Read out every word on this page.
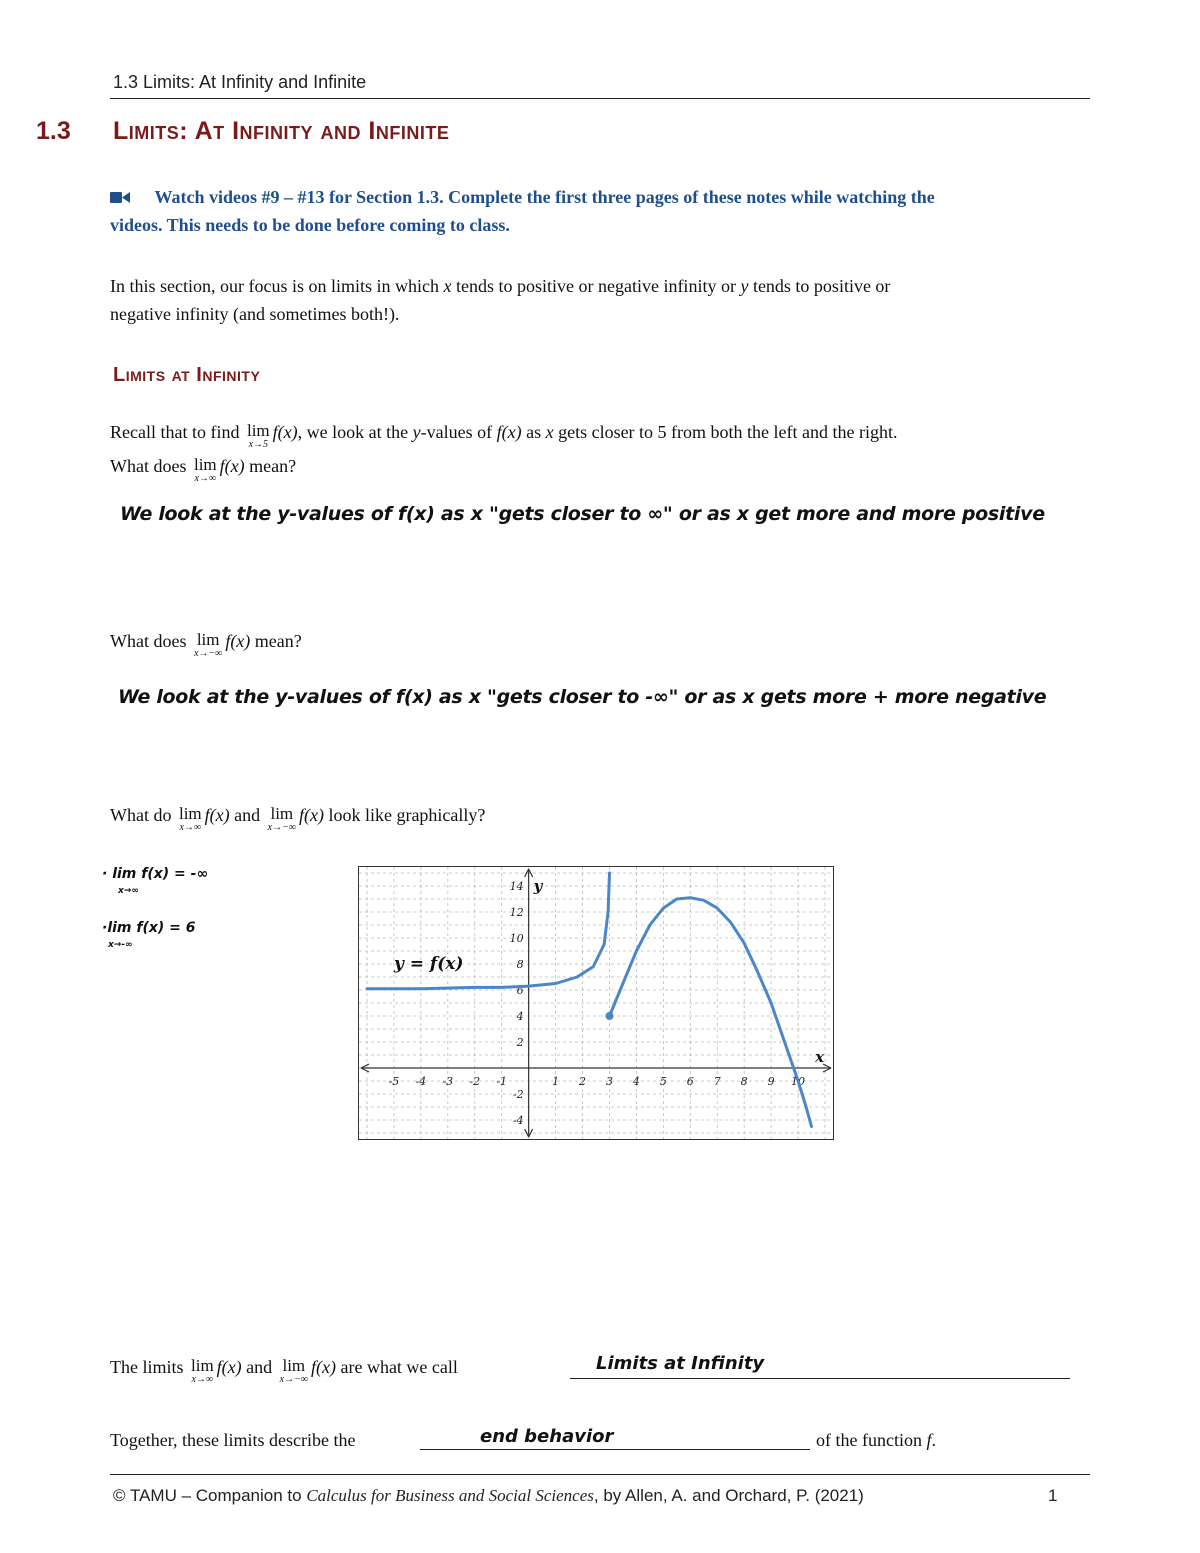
1.3 Limits: At Infinity and Infinite
1.3 Limits: At Infinity and Infinite
Watch videos #9 – #13 for Section 1.3. Complete the first three pages of these notes while watching the
videos. This needs to be done before coming to class.
In this section, our focus is on limits in which x tends to positive or negative infinity or y tends to positive or
negative infinity (and sometimes both!).
Limits at Infinity
Recall that to find lim
x→5
f(x), we look at the y-values of f(x) as x gets closer to 5 from both the left and the right.
What does lim
x→∞
f(x) mean?
We look at the y-values of f(x) as x "gets closer to ∞" or as x get more and more positive
What does lim
x→−∞
f(x) mean?
We look at the y-values of f(x) as x "gets closer to -∞" or as x gets more + more negative
What do lim
x→∞
f(x) and lim
x→−∞
f(x) look like graphically?
· lim f(x) = -∞
x→∞
·lim f(x) = 6
x→-∞
-5 -4 -3 -2 -1	1 2 3 4 5 6 7 8 9 10
14
12
10
8
6
4
2
-2
-4
x
y
y = f(x)
The limits lim
x→∞
f(x) and lim
x→−∞
f(x) are what we call	Limits at Infinity
Together, these limits describe the	end behavior	of the function f.
© TAMU – Companion to Calculus for Business and Social Sciences, by Allen, A. and Orchard, P. (2021)	1
